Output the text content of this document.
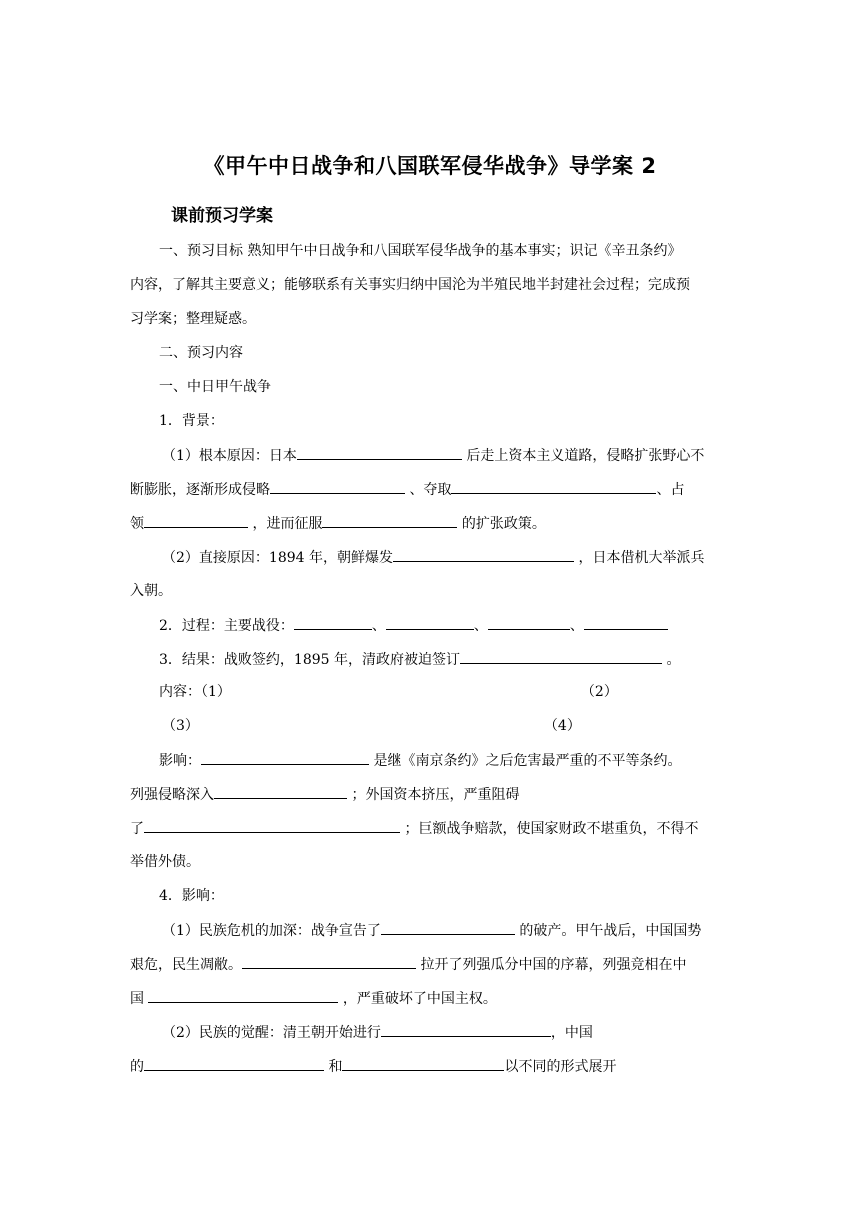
《甲午中日战争和八国联军侵华战争》导学案 2
课前预习学案
一、预习目标 熟知甲午中日战争和八国联军侵华战争的基本事实；识记《辛丑条约》
内容，了解其主要意义；能够联系有关事实归纳中国沦为半殖民地半封建社会过程；完成预
习学案；整理疑惑。
二、预习内容
一、中日甲午战争
1．背景：
（1）根本原因：日本	后走上资本主义道路，侵略扩张野心不
断膨胀，逐渐形成侵略	、夺取	、占
领	，进而征服	的扩张政策。
（2）直接原因：1894 年，朝鲜爆发	，日本借机大举派兵
入朝。
2．过程：主要战役：	、	、	、
3．结果：战败签约，1895 年，清政府被迫签订	。
内容：（1）	（2）
（3）	（4）
影响：	是继《南京条约》之后危害最严重的不平等条约。
列强侵略深入	；外国资本挤压，严重阻碍
了	；巨额战争赔款，使国家财政不堪重负，不得不
举借外债。
4．影响：
（1）民族危机的加深：战争宣告了	的破产。甲午战后，中国国势
艰危，民生凋敝。	拉开了列强瓜分中国的序幕，列强竞相在中
国	，严重破坏了中国主权。
（2）民族的觉醒：清王朝开始进行	，中国
的	和	以不同的形式展开
